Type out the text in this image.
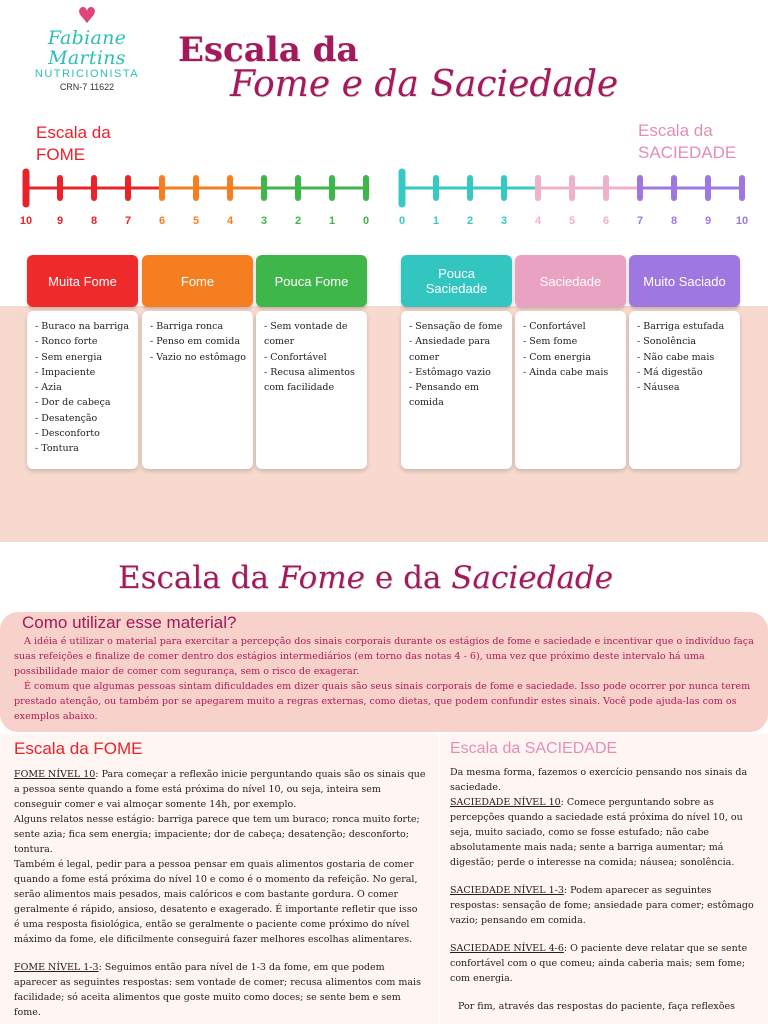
♥
Fabiane Martins
NUTRICIONISTA
CRN-7 11622
Escala da
Fome e da Saciedade
Escala da
FOME
Escala da
SACIEDADE
10 9	8	7	6	5	4	3	2	1	0	0	1	2	3	4	5	6	7	8	9 10
Muita Fome
- Buraco na barriga
- Ronco forte
- Sem energia
- Impaciente
- Azia
- Dor de cabeça
- Desatenção
- Desconforto
- Tontura
Fome
- Barriga ronca
- Penso em comida
- Vazio no estômago
Pouca Fome
- Sem vontade de comer
- Confortável
- Recusa alimentos com facilidade
Pouca Saciedade
- Sensação de fome
- Ansiedade para comer
- Estômago vazio
- Pensando em comida
Saciedade
- Confortável
- Sem fome
- Com energia
- Ainda cabe mais
Muito Saciado
- Barriga estufada
- Sonolência
- Não cabe mais
- Má digestão
- Náusea
Escala da Fome e da Saciedade
Como utilizar esse material?

A idéia é utilizar o material para exercitar a percepção dos sinais corporais durante os estágios de fome e saciedade e incentivar que o indivíduo faça suas refeições e finalize de comer dentro dos estágios intermediários (em torno das notas 4 - 6), uma vez que próximo deste intervalo há uma possibilidade maior de comer com segurança, sem o risco de exagerar.

É comum que algumas pessoas sintam dificuldades em dizer quais são seus sinais corporais de fome e saciedade. Isso pode ocorrer por nunca terem prestado atenção, ou também por se apegarem muito a regras externas, como dietas, que podem confundir estes sinais. Você pode ajuda-las com os exemplos abaixo.

Escala da FOME

FOME NÍVEL 10: Para começar a reflexão inicie perguntando quais são os sinais que a pessoa sente quando a fome está próxima do nível 10, ou seja, inteira sem conseguir comer e vai almoçar somente 14h, por exemplo.

Alguns relatos nesse estágio: barriga parece que tem um buraco; ronca muito forte; sente azia; fica sem energia; impaciente; dor de cabeça; desatenção; desconforto; tontura.

Também é legal, pedir para a pessoa pensar em quais alimentos gostaria de comer quando a fome está próxima do nível 10 e como é o momento da refeição. No geral, serão alimentos mais pesados, mais calóricos e com bastante gordura. O comer geralmente é rápido, ansioso, desatento e exagerado. É importante refletir que isso é uma resposta fisiológica, então se geralmente o paciente come próximo do nível máximo da fome, ele dificilmente conseguirá fazer melhores escolhas alimentares.

FOME NÍVEL 1-3: Seguimos então para nível de 1-3 da fome, em que podem aparecer as seguintes respostas: sem vontade de comer; recusa alimentos com mais facilidade; só aceita alimentos que goste muito como doces; se sente bem e sem fome.

Escala da SACIEDADE

Da mesma forma, fazemos o exercício pensando nos sinais da saciedade.

SACIEDADE NÍVEL 10: Comece perguntando sobre as percepções quando a saciedade está próxima do nível 10, ou seja, muito saciado, como se fosse estufado; não cabe absolutamente mais nada; sente a barriga aumentar; má digestão; perde o interesse na comida; náusea; sonolência.

SACIEDADE NÍVEL 1-3: Podem aparecer as seguintes respostas: sensação de fome; ansiedade para comer; estômago vazio; pensando em comida.

SACIEDADE NÍVEL 4-6: O paciente deve relatar que se sente confortável com o que comeu; ainda caberia mais; sem fome; com energia.

Por fim, através das respostas do paciente, faça reflexões
